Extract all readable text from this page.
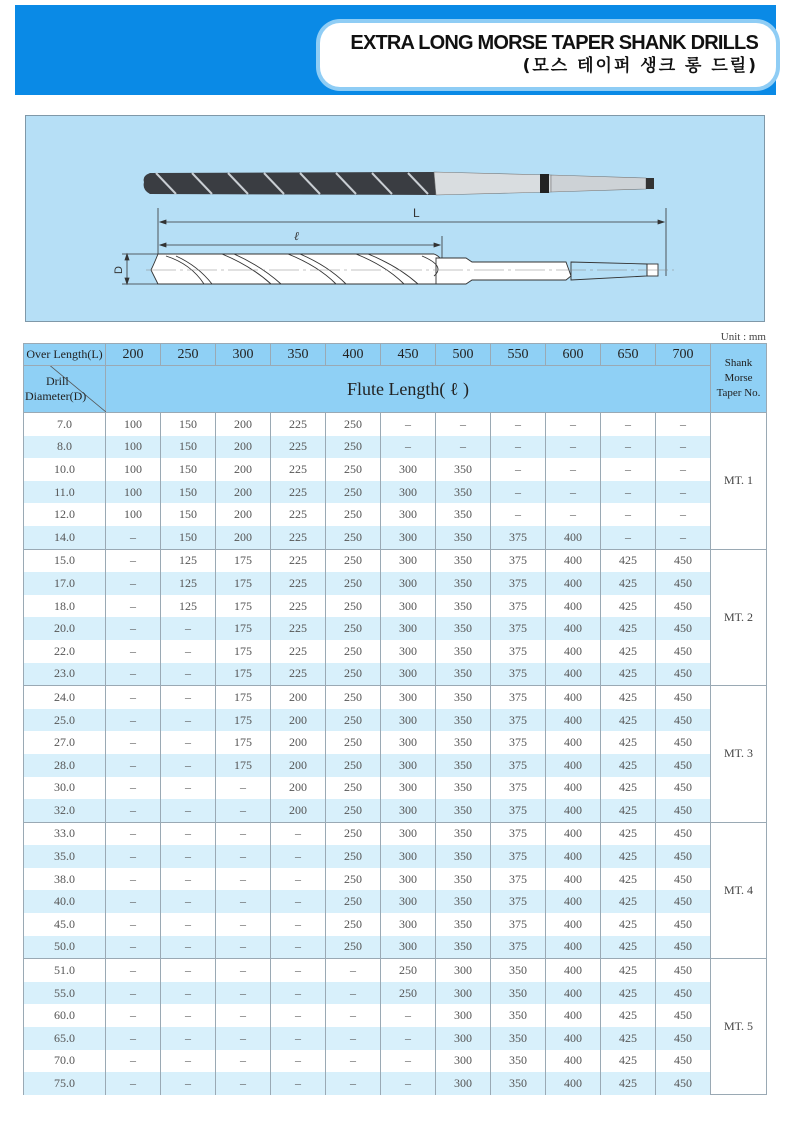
EXTRA LONG MORSE TAPER SHANK DRILLS
(모스 테이퍼 생크 롱 드릴)
L
ℓ
D
Unit : mm
Over Length(L)	200	250	300	350	400	450	500	550	600	650	700	Shank
Morse
Taper No.

Drill
Diameter(D)	Flute Length( ℓ )											
7.0	100	150	200	225	250	–	–	–	–	–	–	MT. 1
8.0	100	150	200	225	250	–	–	–	–	–	–	
10.0	100	150	200	225	250	300	350	–	–	–	–	
11.0	100	150	200	225	250	300	350	–	–	–	–	
12.0	100	150	200	225	250	300	350	–	–	–	–	
14.0	–	150	200	225	250	300	350	375	400	–	–	
15.0	–	125	175	225	250	300	350	375	400	425	450	MT. 2
17.0	–	125	175	225	250	300	350	375	400	425	450	
18.0	–	125	175	225	250	300	350	375	400	425	450	
20.0	–	–	175	225	250	300	350	375	400	425	450	
22.0	–	–	175	225	250	300	350	375	400	425	450	
23.0	–	–	175	225	250	300	350	375	400	425	450	
24.0	–	–	175	200	250	300	350	375	400	425	450	MT. 3
25.0	–	–	175	200	250	300	350	375	400	425	450	
27.0	–	–	175	200	250	300	350	375	400	425	450	
28.0	–	–	175	200	250	300	350	375	400	425	450	
30.0	–	–	–	200	250	300	350	375	400	425	450	
32.0	–	–	–	200	250	300	350	375	400	425	450	
33.0	–	–	–	–	250	300	350	375	400	425	450	MT. 4
35.0	–	–	–	–	250	300	350	375	400	425	450	
38.0	–	–	–	–	250	300	350	375	400	425	450	
40.0	–	–	–	–	250	300	350	375	400	425	450	
45.0	–	–	–	–	250	300	350	375	400	425	450	
50.0	–	–	–	–	250	300	350	375	400	425	450	
51.0	–	–	–	–	–	250	300	350	400	425	450	MT. 5
55.0	–	–	–	–	–	250	300	350	400	425	450	
60.0	–	–	–	–	–	–	300	350	400	425	450	
65.0	–	–	–	–	–	–	300	350	400	425	450	
70.0	–	–	–	–	–	–	300	350	400	425	450	
75.0	–	–	–	–	–	–	300	350	400	425	450	
